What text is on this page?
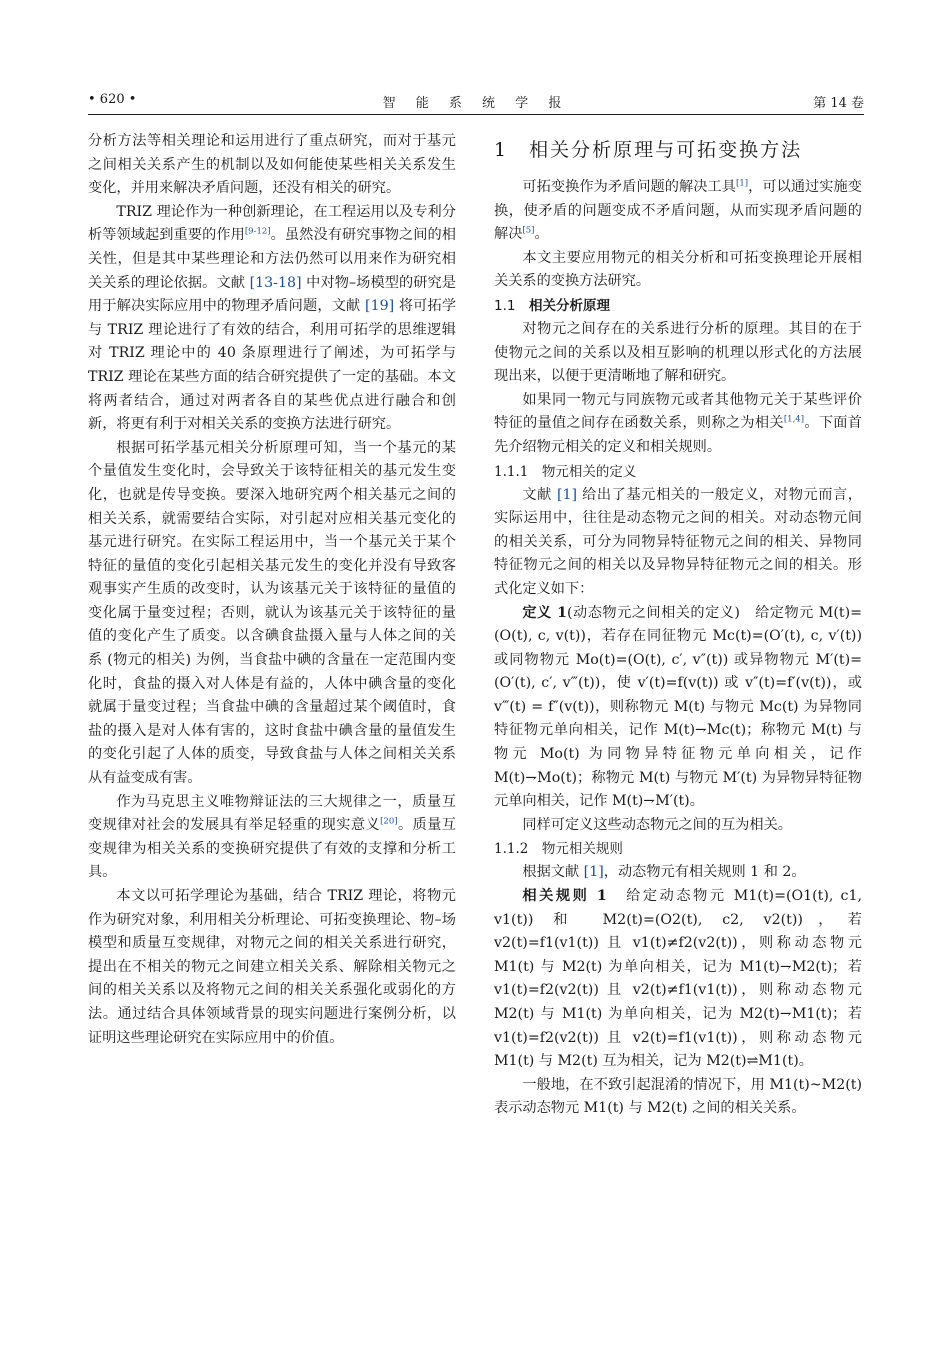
• 620 •	智 能 系 统 学 报	第 14 卷

分析方法等相关理论和运用进行了重点研究，而对于基元之间相关关系产生的机制以及如何能使某些相关关系发生变化，并用来解决矛盾问题，还没有相关的研究。

TRIZ 理论作为一种创新理论，在工程运用以及专利分析等领域起到重要的作用[9-12]。虽然没有研究事物之间的相关性，但是其中某些理论和方法仍然可以用来作为研究相关关系的理论依据。文献 [13-18] 中对物–场模型的研究是用于解决实际应用中的物理矛盾问题，文献 [19] 将可拓学与 TRIZ 理论进行了有效的结合，利用可拓学的思维逻辑对 TRIZ 理论中的 40 条原理进行了阐述，为可拓学与 TRIZ 理论在某些方面的结合研究提供了一定的基础。本文将两者结合，通过对两者各自的某些优点进行融合和创新，将更有利于对相关关系的变换方法进行研究。

根据可拓学基元相关分析原理可知，当一个基元的某个量值发生变化时，会导致关于该特征相关的基元发生变化，也就是传导变换。要深入地研究两个相关基元之间的相关关系，就需要结合实际，对引起对应相关基元变化的基元进行研究。在实际工程运用中，当一个基元关于某个特征的量值的变化引起相关基元发生的变化并没有导致客观事实产生质的改变时，认为该基元关于该特征的量值的变化属于量变过程；否则，就认为该基元关于该特征的量值的变化产生了质变。以含碘食盐摄入量与人体之间的关系 (物元的相关) 为例，当食盐中碘的含量在一定范围内变化时，食盐的摄入对人体是有益的，人体中碘含量的变化就属于量变过程；当食盐中碘的含量超过某个阈值时，食盐的摄入是对人体有害的，这时食盐中碘含量的量值发生的变化引起了人体的质变，导致食盐与人体之间相关关系从有益变成有害。

作为马克思主义唯物辩证法的三大规律之一，质量互变规律对社会的发展具有举足轻重的现实意义[20]。质量互变规律为相关关系的变换研究提供了有效的支撑和分析工具。

本文以可拓学理论为基础，结合 TRIZ 理论，将物元作为研究对象，利用相关分析理论、可拓变换理论、物–场模型和质量互变规律，对物元之间的相关关系进行研究，提出在不相关的物元之间建立相关关系、解除相关物元之间的相关关系以及将物元之间的相关关系强化或弱化的方法。通过结合具体领域背景的现实问题进行案例分析，以证明这些理论研究在实际应用中的价值。

1　相关分析原理与可拓变换方法

可拓变换作为矛盾问题的解决工具[1]，可以通过实施变换，使矛盾的问题变成不矛盾问题，从而实现矛盾问题的解决[5]。

本文主要应用物元的相关分析和可拓变换理论开展相关关系的变换方法研究。

1.1　 相关分析原理

对物元之间存在的关系进行分析的原理。其目的在于使物元之间的关系以及相互影响的机理以形式化的方法展现出来，以便于更清晰地了解和研究。

如果同一物元与同族物元或者其他物元关于某些评价特征的量值之间存在函数关系，则称之为相关[1,4]。下面首先介绍物元相关的定义和相关规则。

1.1.1　物元相关的定义

文献 [1] 给出了基元相关的一般定义，对物元而言，实际运用中，往往是动态物元之间的相关。对动态物元间的相关关系，可分为同物异特征物元之间的相关、异物同特征物元之间的相关以及异物异特征物元之间的相关。形式化定义如下：

定义 1(动态物元之间相关的定义)　给定物元 M(t)=(O(t), c, v(t))，若存在同征物元 Mc(t)=(O′(t), c, v′(t)) 或同物物元 Mo(t)=(O(t), c′, v″(t)) 或异物物元 M′(t)=(O′(t), c′, v‴(t))，使 v′(t)=f(v(t)) 或 v″(t)=f′(v(t))，或 v‴(t) = f″(v(t))，则称物元 M(t) 与物元 Mc(t) 为异物同特征物元单向相关，记作 M(t)⇁Mc(t)；称物元 M(t) 与物元 Mo(t) 为同物异特征物元单向相关，记作 M(t)⇁Mo(t)；称物元 M(t) 与物元 M′(t) 为异物异特征物元单向相关，记作 M(t)⇁M′(t)。

同样可定义这些动态物元之间的互为相关。

1.1.2　物元相关规则

根据文献 [1]，动态物元有相关规则 1 和 2。

相关规则 1　给定动态物元 M1(t)=(O1(t), c1, v1(t)) 和 M2(t)=(O2(t), c2, v2(t))，若 v2(t)=f1(v1(t)) 且 v1(t)≠f2(v2(t))，则称动态物元 M1(t) 与 M2(t) 为单向相关，记为 M1(t)⇁M2(t)；若 v1(t)=f2(v2(t)) 且 v2(t)≠f1(v1(t))，则称动态物元 M2(t) 与 M1(t) 为单向相关，记为 M2(t)⇁M1(t)；若 v1(t)=f2(v2(t)) 且 v2(t)=f1(v1(t))，则称动态物元 M1(t) 与 M2(t) 互为相关，记为 M2(t)⇌M1(t)。

一般地，在不致引起混淆的情况下，用 M1(t)~M2(t) 表示动态物元 M1(t) 与 M2(t) 之间的相关关系。
